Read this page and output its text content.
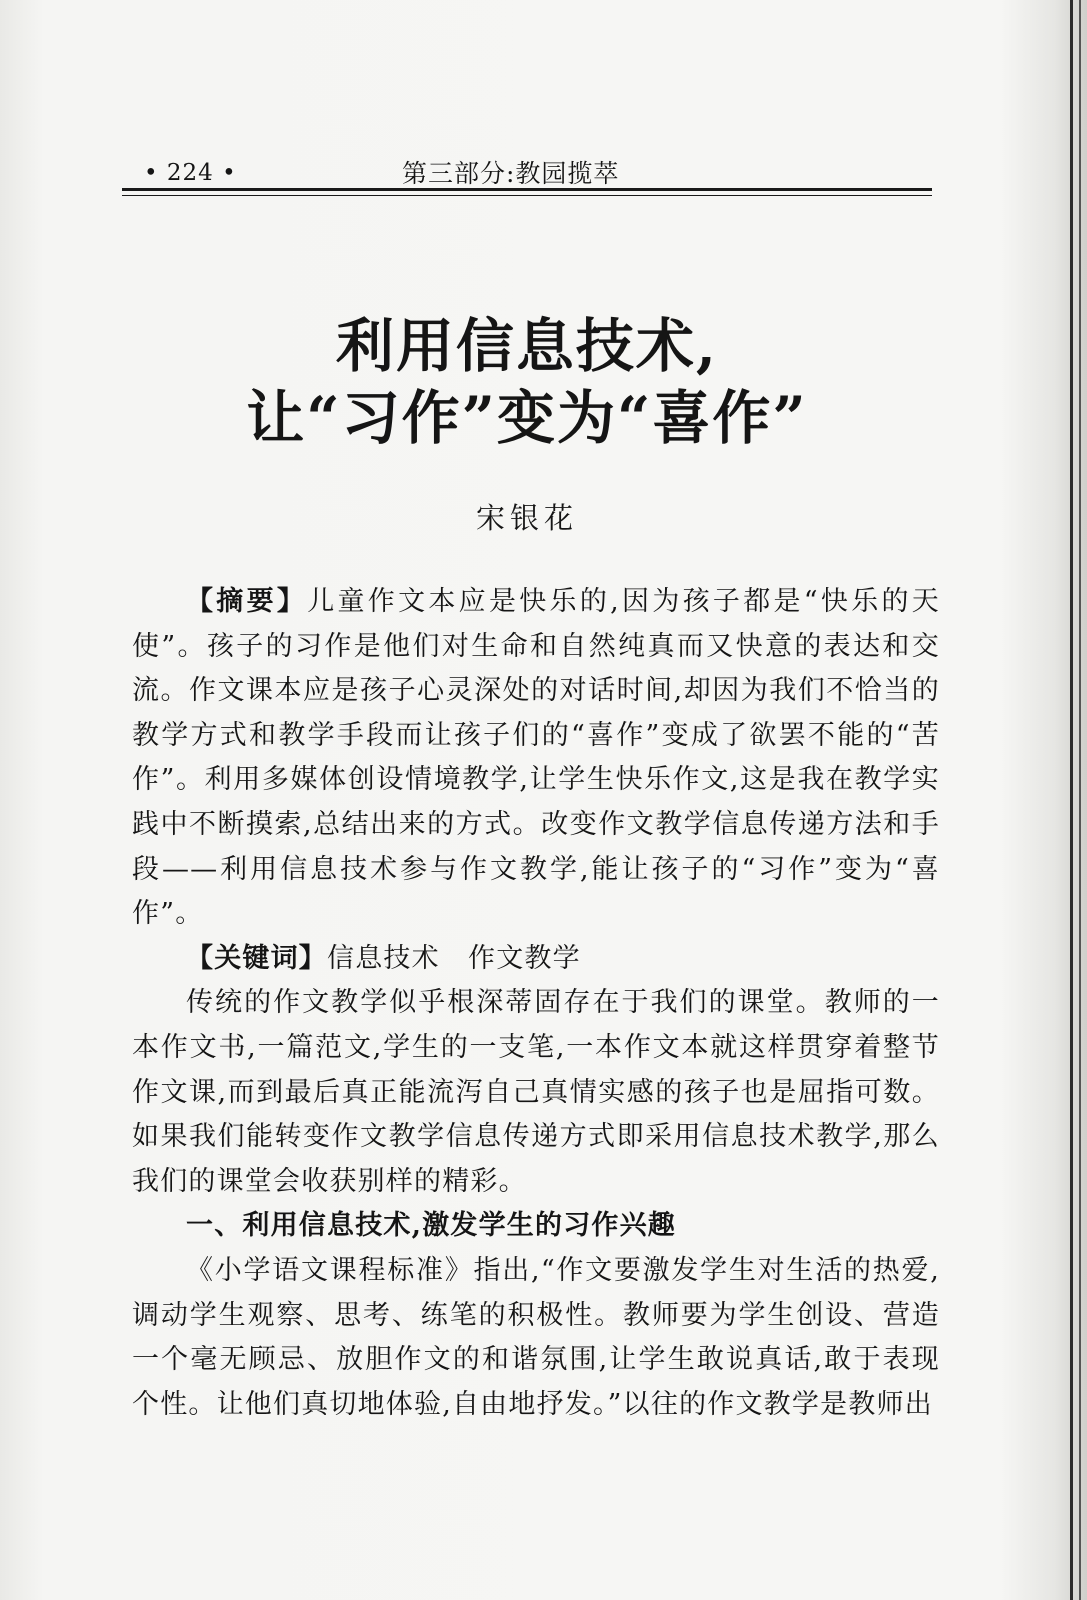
• 224 •	第三部分:教园揽萃
利用信息技术,
让“习作”变为“喜作”
宋银花

【摘要】儿童作文本应是快乐的,因为孩子都是“快乐的天使”。孩子的习作是他们对生命和自然纯真而又快意的表达和交流。作文课本应是孩子心灵深处的对话时间,却因为我们不恰当的教学方式和教学手段而让孩子们的“喜作”变成了欲罢不能的“苦作”。利用多媒体创设情境教学,让学生快乐作文,这是我在教学实践中不断摸索,总结出来的方式。改变作文教学信息传递方法和手段——利用信息技术参与作文教学,能让孩子的“习作”变为“喜作”。

【关键词】信息技术　作文教学

传统的作文教学似乎根深蒂固存在于我们的课堂。教师的一本作文书,一篇范文,学生的一支笔,一本作文本就这样贯穿着整节作文课,而到最后真正能流泻自己真情实感的孩子也是屈指可数。如果我们能转变作文教学信息传递方式即采用信息技术教学,那么我们的课堂会收获别样的精彩。

一、利用信息技术,激发学生的习作兴趣

《小学语文课程标准》指出,“作文要激发学生对生活的热爱,调动学生观察、思考、练笔的积极性。教师要为学生创设、营造一个毫无顾忌、放胆作文的和谐氛围,让学生敢说真话,敢于表现个性。让他们真切地体验,自由地抒发。”以往的作文教学是教师出
